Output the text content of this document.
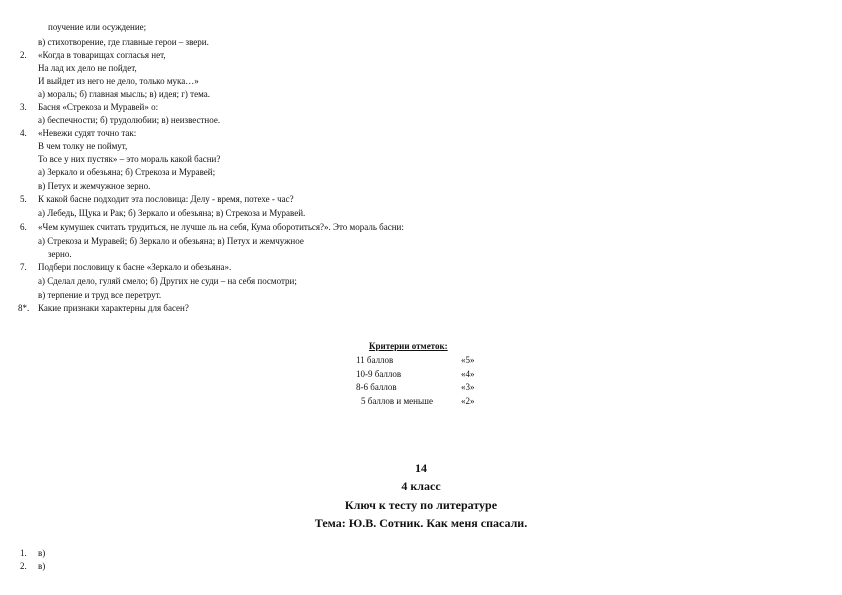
поучение или осуждение;
в) стихотворение, где главные герои – звери.
2. «Когда в товарищах согласья нет,
На лад их дело не пойдет,
И выйдет из него не дело, только мука…»
а) мораль; б) главная мысль; в) идея; г) тема.
3. Басня «Стрекоза и Муравей» о:
а) беспечности; б) трудолюбии; в) неизвестное.
4. «Невежи судят точно так:
В чем толку не поймут,
То все у них пустяк» – это мораль какой басни?
а) Зеркало и обезьяна; б) Стрекоза и Муравей;
в) Петух и жемчужное зерно.
5. К какой басне подходит эта пословица: Делу - время, потехе - час?
а) Лебедь, Щука и Рак; б) Зеркало и обезьяна; в) Стрекоза и Муравей.
6. «Чем кумушек считать трудиться, не лучше ль на себя, Кума оборотиться?». Это мораль басни:
а) Стрекоза и Муравей; б) Зеркало и обезьяна; в) Петух и жемчужное
зерно.
7. Подбери пословицу к басне «Зеркало и обезьяна».
а) Сделал дело, гуляй смело; б) Других не суди – на себя посмотри;
в) терпение и труд все перетрут.
8*. Какие признаки характерны для басен?
Критерии отметок:
11 баллов	«5»
10-9 баллов	«4»
8-6 баллов	«3»
5 баллов и меньше	«2»
14
4 класс
Ключ к тесту по литературе
Тема: Ю.В. Сотник. Как меня спасали.
1. в)
2. в)
